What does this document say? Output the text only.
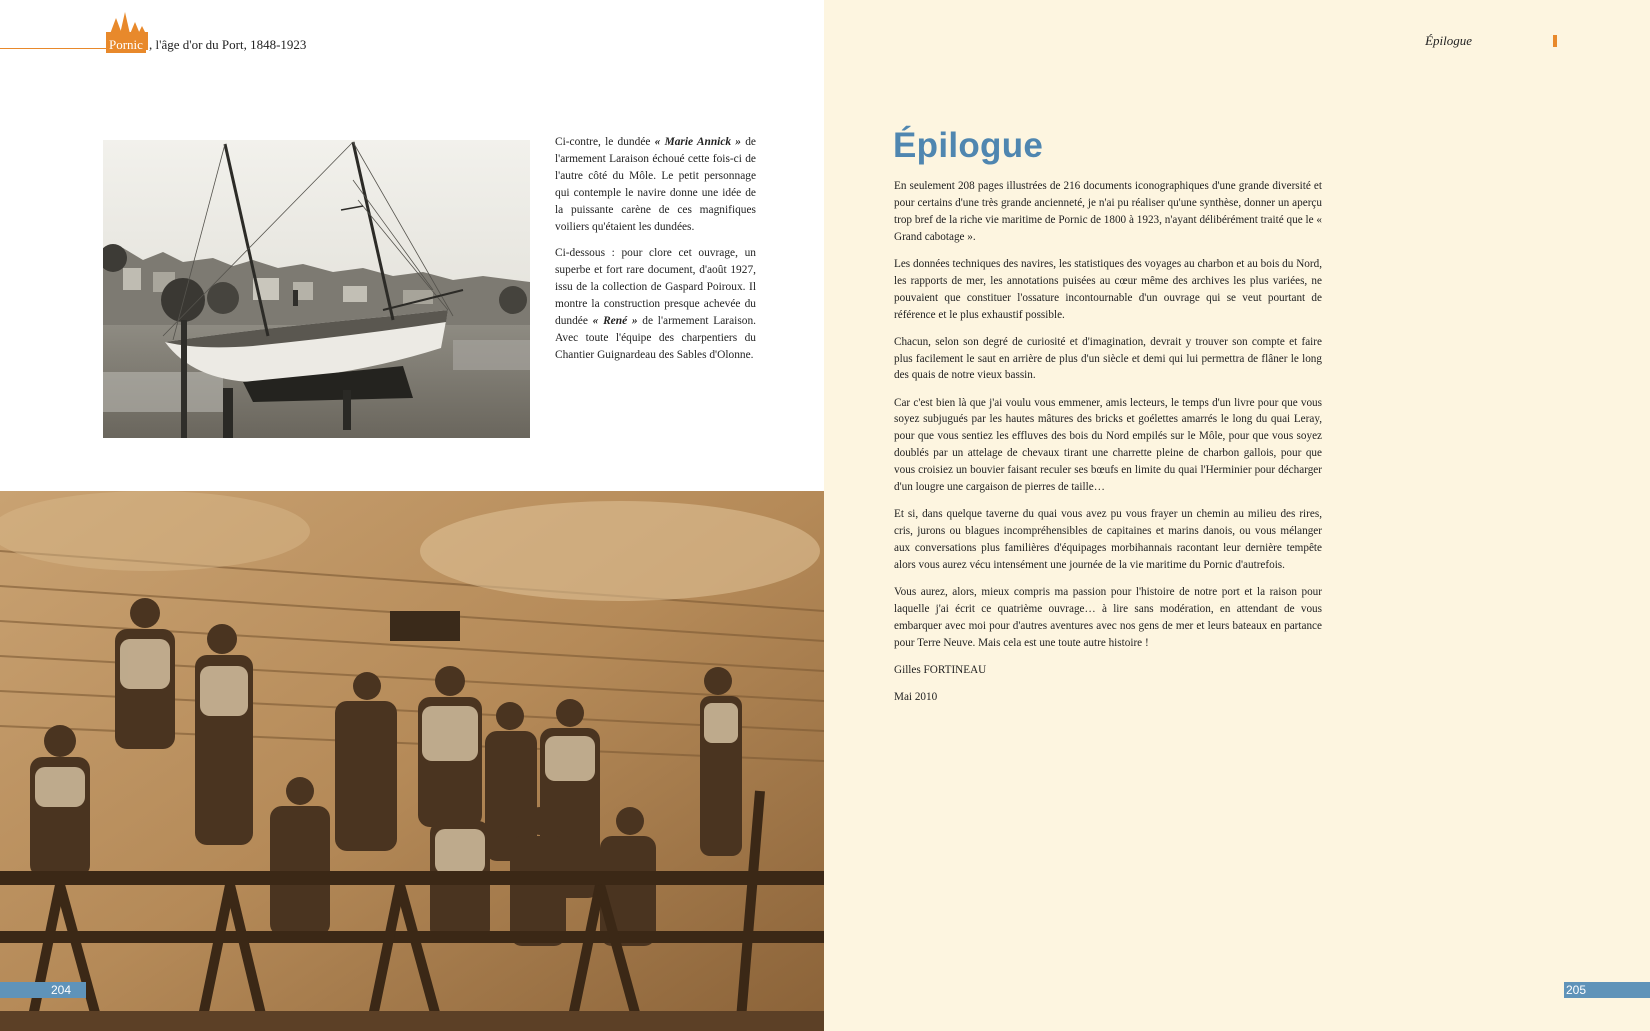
Pornic , l'âge d'or du Port, 1848-1923

Ci-contre, le dundée « Marie Annick » de l'armement Laraison échoué cette fois-ci de l'autre côté du Môle. Le petit personnage qui contemple le navire donne une idée de la puissante carène de ces magnifiques voiliers qu'étaient les dundées.

Ci-dessous : pour clore cet ouvrage, un superbe et fort rare document, d'août 1927, issu de la collection de Gaspard Poiroux. Il montre la construction presque achevée du dundée « René » de l'armement Laraison. Avec toute l'équipe des charpentiers du Chantier Guignardeau des Sables d'Olonne.

204
Épilogue
Épilogue

En seulement 208 pages illustrées de 216 documents iconographiques d'une grande diversité et pour certains d'une très grande ancienneté, je n'ai pu réaliser qu'une synthèse, donner un aperçu trop bref de la riche vie maritime de Pornic de 1800 à 1923, n'ayant délibérément traité que le « Grand cabotage ».

Les données techniques des navires, les statistiques des voyages au charbon et au bois du Nord, les rapports de mer, les annotations puisées au cœur même des archives les plus variées, ne pouvaient que constituer l'ossature incontournable d'un ouvrage qui se veut pourtant de référence et le plus exhaustif possible.

Chacun, selon son degré de curiosité et d'imagination, devrait y trouver son compte et faire plus facilement le saut en arrière de plus d'un siècle et demi qui lui permettra de flâner le long des quais de notre vieux bassin.

Car c'est bien là que j'ai voulu vous emmener, amis lecteurs, le temps d'un livre pour que vous soyez subjugués par les hautes mâtures des bricks et goélettes amarrés le long du quai Leray, pour que vous sentiez les effluves des bois du Nord empilés sur le Môle, pour que vous soyez doublés par un attelage de chevaux tirant une charrette pleine de charbon gallois, pour que vous croisiez un bouvier faisant reculer ses bœufs en limite du quai l'Herminier pour décharger d'un lougre une cargaison de pierres de taille…

Et si, dans quelque taverne du quai vous avez pu vous frayer un chemin au milieu des rires, cris, jurons ou blagues incompréhensibles de capitaines et marins danois, ou vous mélanger aux conversations plus familières d'équipages morbihannais racontant leur dernière tempête alors vous aurez vécu intensément une journée de la vie maritime du Pornic d'autrefois.

Vous aurez, alors, mieux compris ma passion pour l'histoire de notre port et la raison pour laquelle j'ai écrit ce quatrième ouvrage… à lire sans modération, en attendant de vous embarquer avec moi pour d'autres aventures avec nos gens de mer et leurs bateaux en partance pour Terre Neuve. Mais cela est une toute autre histoire !

Gilles FORTINEAU

Mai 2010

205
